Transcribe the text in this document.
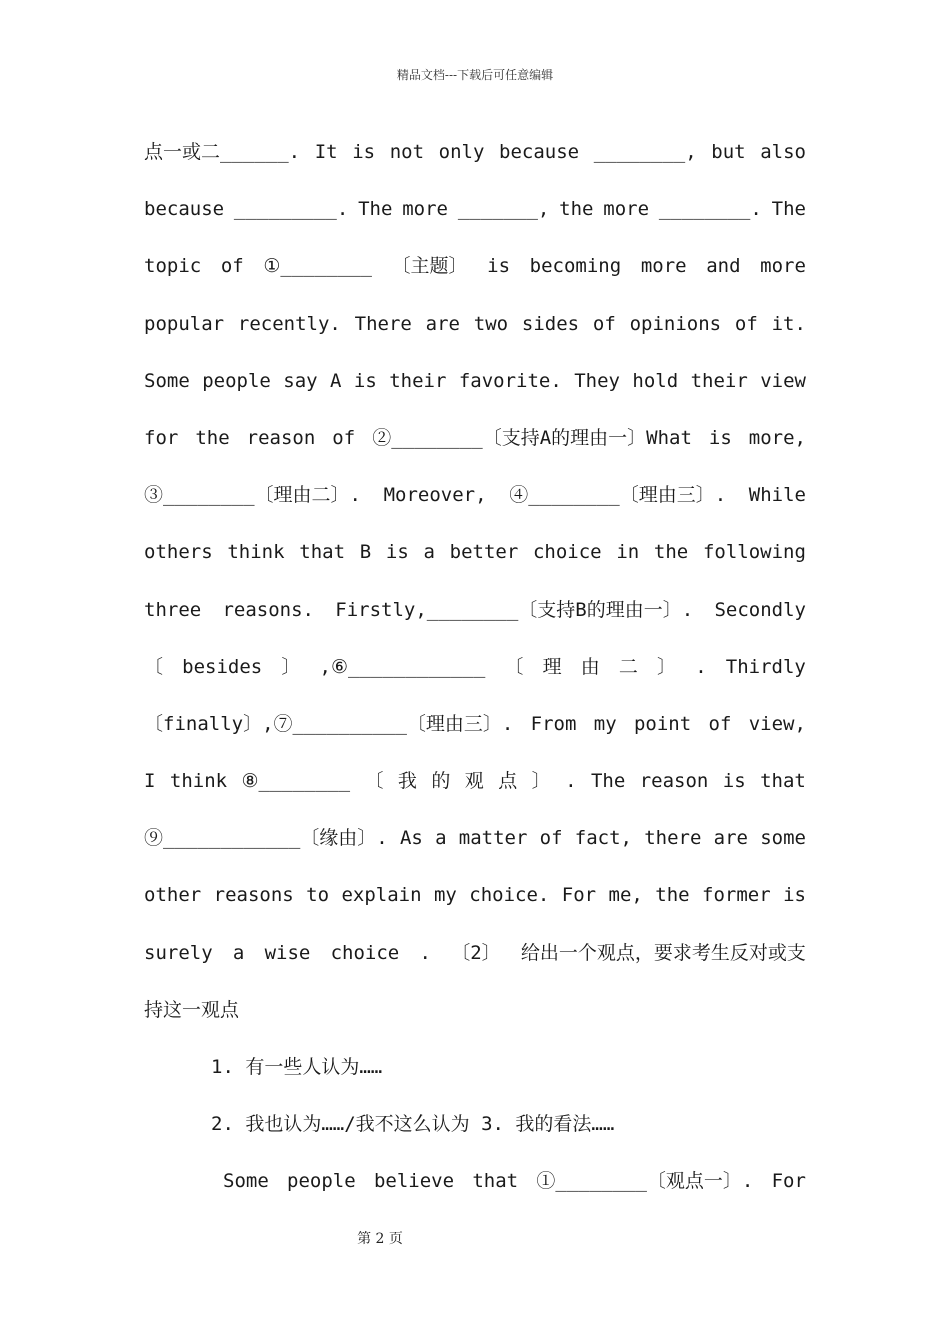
精品文档---下载后可任意编辑
点一或二______. It is not only because ________, but also
because _________. The more _______, the more ________. The
topic of ①________ 〔主题〕 is becoming more and more
popular recently. There are two sides of opinions of it.
Some people say A is their favorite. They hold their view
for the reason of ②________〔支持A的理由一〕What is more,
③________〔理由二〕. Moreover, ④________〔理由三〕. While
others think that B is a better choice in the following
three reasons. Firstly,________〔支持B的理由一〕. Secondly
〔 besides 〕 ,⑥____________ 〔 理 由 二 〕 . Thirdly
〔finally〕,⑦__________〔理由三〕. From my point of view,
I think ⑧________ 〔 我 的 观 点 〕 . The reason is that
⑨____________〔缘由〕. As a matter of fact, there are some
other reasons to explain my choice. For me, the former is
surely a wise choice . 〔2〕 给出一个观点，要求考生反对或支
持这一观点
1. 有一些人认为……
2. 我也认为……/我不这么认为 3. 我的看法……
Some people believe that ①________〔观点一〕. For
第 2 页
